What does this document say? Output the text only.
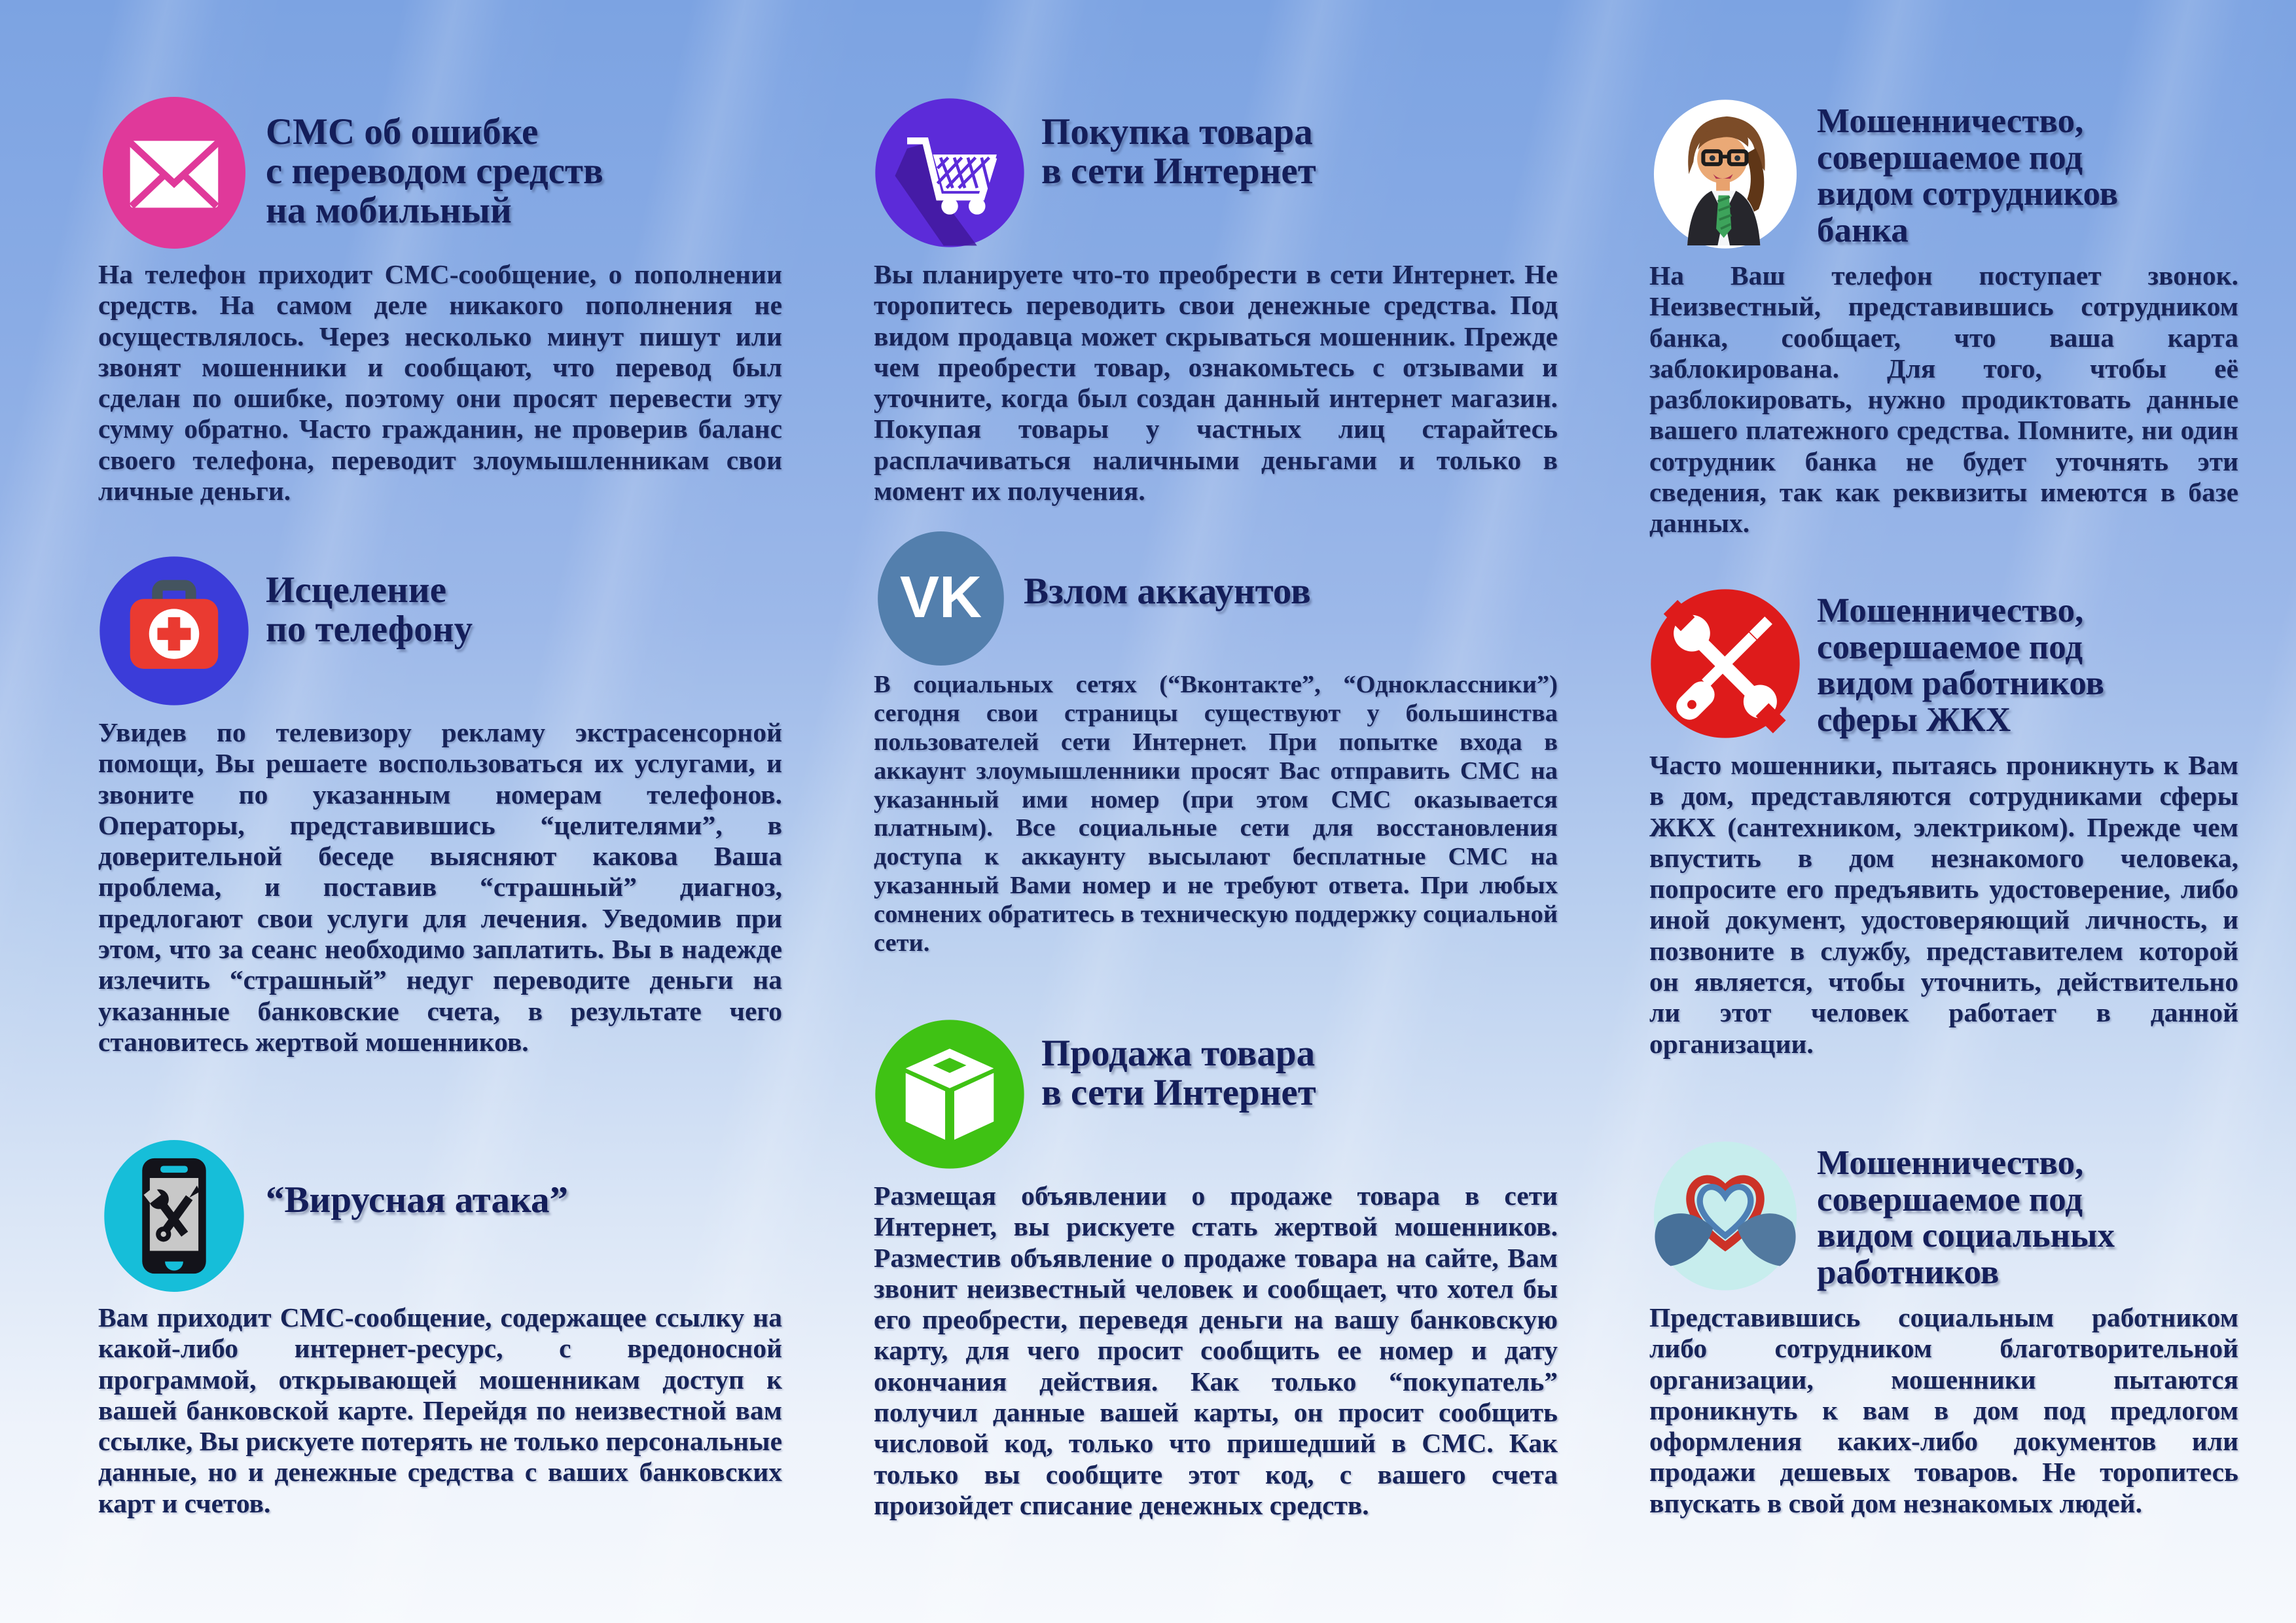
СМС об ошибке
с переводом средств
на мобильный

На телефон приходит СМС-сообщение, о пополнении средств. На самом деле никакого пополнения не осуществлялось. Через несколько минут пишут или звонят мошенники и сообщают, что перевод был сделан по ошибке, поэтому они просят перевести эту сумму обратно. Часто гражданин, не проверив баланс своего телефона, переводит злоумышленникам свои личные деньги.

Исцеление
по телефону

Увидев по телевизору рекламу экстрасенсорной помощи, Вы решаете воспользоваться их услугами, и звоните по указанным номерам телефонов. Операторы, представившись “целителями”, в доверительной беседе выясняют какова Ваша проблема, и поставив “страшный” диагноз, предлогают свои услуги для лечения. Уведомив при этом, что за сеанс необходимо заплатить. Вы в надежде излечить “страшный” недуг переводите деньги на указанные банковские счета, в результате чего становитесь жертвой мошенников.

“Вирусная атака”

Вам приходит СМС-сообщение, содержащее ссылку на какой-либо интернет-ресурс, с вредоносной программой, открывающей мошенникам доступ к вашей банковской карте. Перейдя по неизвестной вам ссылке, Вы рискуете потерять не только персональные данные, но и денежные средства с ваших банковских карт и счетов.

Покупка товара
в сети Интернет

Вы планируете что-то преобрести в сети Интернет. Не торопитесь переводить свои денежные средства. Под видом продавца может скрываться мошенник. Прежде чем преобрести товар, ознакомьтесь с отзывами и уточните, когда был создан данный интернет магазин. Покупая товары у частных лиц старайтесь расплачиваться наличными деньгами и только в момент их получения.

VK Взлом аккаунтов

В социальных сетях (“Вконтакте”, “Одноклассники”) сегодня свои страницы существуют у большинства пользователей сети Интернет. При попытке входа в аккаунт злоумышленники просят Вас отправить СМС на указанный ими номер (при этом СМС оказывается платным). Все социальные сети для восстановления доступа к аккаунту высылают бесплатные СМС на указанный Вами номер и не требуют ответа. При любых сомнених обратитесь в техническую поддержку социальной сети.

Продажа товара
в сети Интернет

Размещая объявлении о продаже товара в сети Интернет, вы рискуете стать жертвой мошенников. Разместив объявление о продаже товара на сайте, Вам звонит неизвестный человек и сообщает, что хотел бы его преобрести, переведя деньги на вашу банковскую карту, для чего просит сообщить ее номер и дату окончания действия. Как только “покупатель” получил данные вашей карты, он просит сообщить числовой код, только что пришедший в СМС. Как только вы сообщите этот код, с вашего счета произойдет списание денежных средств.

Мошенничество,
совершаемое под
видом сотрудников
банка

На Ваш телефон поступает звонок. Неизвестный, представившись сотрудником банка, сообщает, что ваша карта заблокирована. Для того, чтобы её разблокировать, нужно продиктовать данные вашего платежного средства. Помните, ни один сотрудник банка не будет уточнять эти сведения, так как реквизиты имеются в базе данных.

Мошенничество,
совершаемое под
видом работников
сферы ЖКХ

Часто мошенники, пытаясь проникнуть к Вам в дом, представляются сотрудниками сферы ЖКХ (сантехником, электриком). Прежде чем впустить в дом незнакомого человека, попросите его предъявить удостоверение, либо иной документ, удостоверяющий личность, и позвоните в службу, представителем которой он является, чтобы уточнить, действительно ли этот человек работает в данной организации.

Мошенничество,
совершаемое под
видом социальных
работников

Представившись социальным работником либо сотрудником благотворительной организации, мошенники пытаются проникнуть к вам в дом под предлогом оформления каких-либо документов или продажи дешевых товаров. Не торопитесь впускать в свой дом незнакомых людей.
